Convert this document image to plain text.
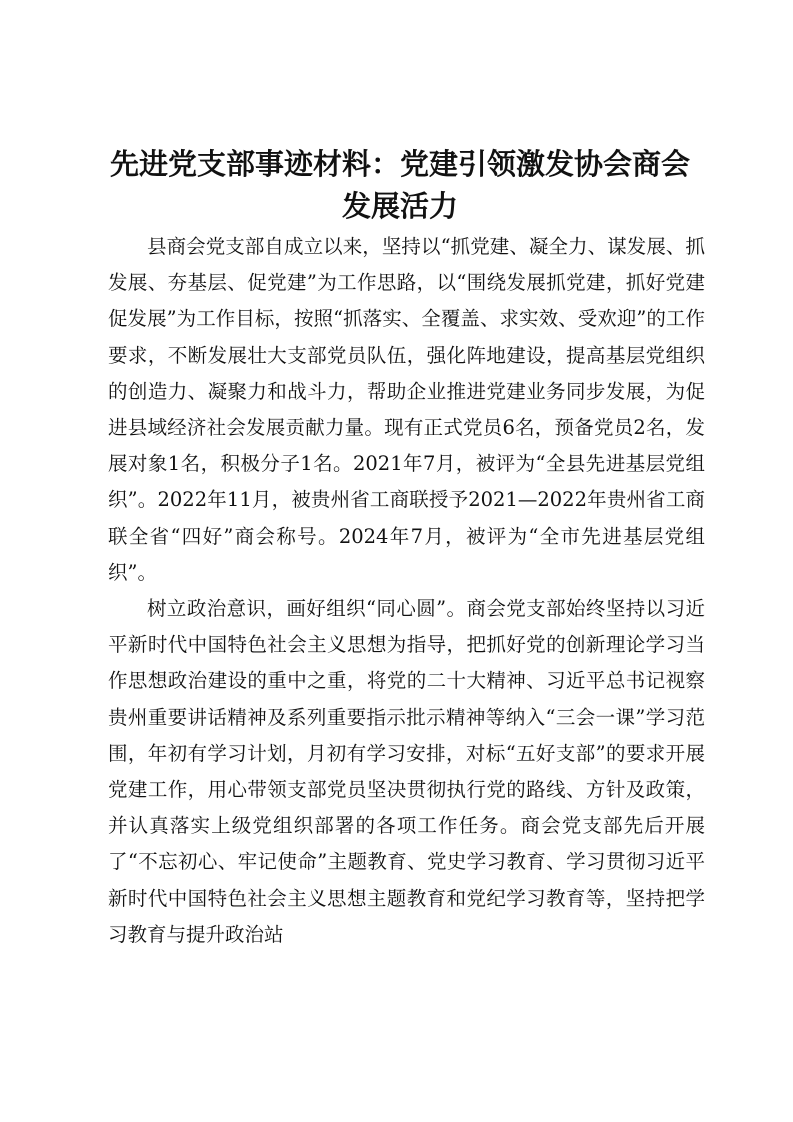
先进党支部事迹材料：党建引领激发协会商会
发展活力

县商会党支部自成立以来，坚持以“抓党建、凝全力、谋发展、抓发展、夯基层、促党建”为工作思路，以“围绕发展抓党建，抓好党建促发展”为工作目标，按照“抓落实、全覆盖、求实效、受欢迎”的工作要求，不断发展壮大支部党员队伍，强化阵地建设，提高基层党组织的创造力、凝聚力和战斗力，帮助企业推进党建业务同步发展，为促进县域经济社会发展贡献力量。现有正式党员6名，预备党员2名，发展对象1名，积极分子1名。2021年7月，被评为“全县先进基层党组织”。2022年11月，被贵州省工商联授予2021—2022年贵州省工商联全省“四好”商会称号。2024年7月，被评为“全市先进基层党组织”。

树立政治意识，画好组织“同心圆”。商会党支部始终坚持以习近平新时代中国特色社会主义思想为指导，把抓好党的创新理论学习当作思想政治建设的重中之重，将党的二十大精神、习近平总书记视察贵州重要讲话精神及系列重要指示批示精神等纳入“三会一课”学习范围，年初有学习计划，月初有学习安排，对标“五好支部”的要求开展党建工作，用心带领支部党员坚决贯彻执行党的路线、方针及政策，并认真落实上级党组织部署的各项工作任务。商会党支部先后开展了“不忘初心、牢记使命”主题教育、党史学习教育、学习贯彻习近平新时代中国特色社会主义思想主题教育和党纪学习教育等，坚持把学习教育与提升政治站
